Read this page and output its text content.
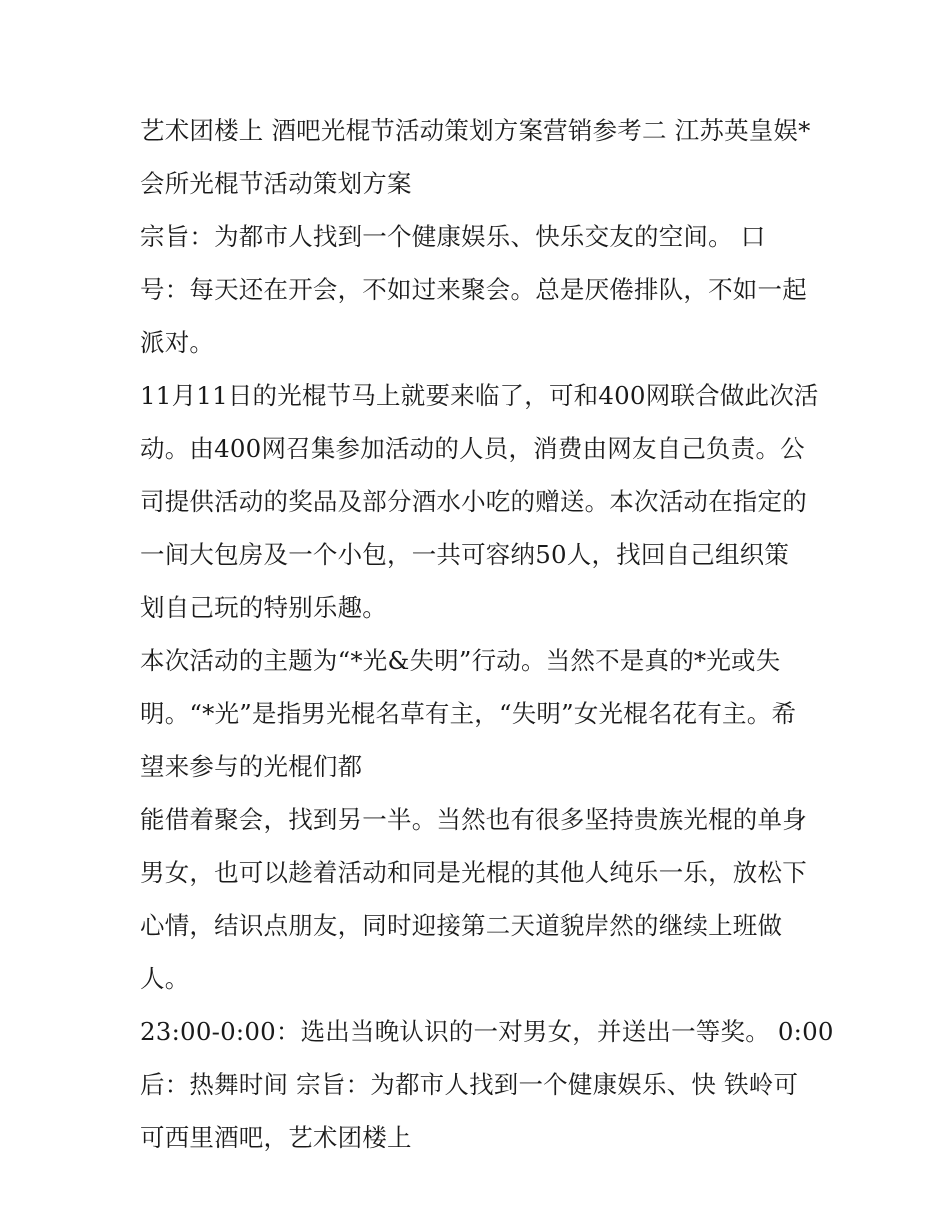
艺术团楼上 酒吧光棍节活动策划方案营销参考二 江苏英皇娱*
会所光棍节活动策划方案
宗旨：为都市人找到一个健康娱乐、快乐交友的空间。 口
号：每天还在开会，不如过来聚会。总是厌倦排队，不如一起
派对。
11月11日的光棍节马上就要来临了，可和400网联合做此次活
动。由400网召集参加活动的人员，消费由网友自己负责。公
司提供活动的奖品及部分酒水小吃的赠送。本次活动在指定的
一间大包房及一个小包，一共可容纳50人，找回自己组织策
划自己玩的特别乐趣。
本次活动的主题为“*光&失明”行动。当然不是真的*光或失
明。“*光”是指男光棍名草有主，“失明”女光棍名花有主。希
望来参与的光棍们都
能借着聚会，找到另一半。当然也有很多坚持贵族光棍的单身
男女，也可以趁着活动和同是光棍的其他人纯乐一乐，放松下
心情，结识点朋友，同时迎接第二天道貌岸然的继续上班做
人。
23:00-0:00：选出当晚认识的一对男女，并送出一等奖。 0:00
后：热舞时间 宗旨：为都市人找到一个健康娱乐、快 铁岭可
可西里酒吧，艺术团楼上
